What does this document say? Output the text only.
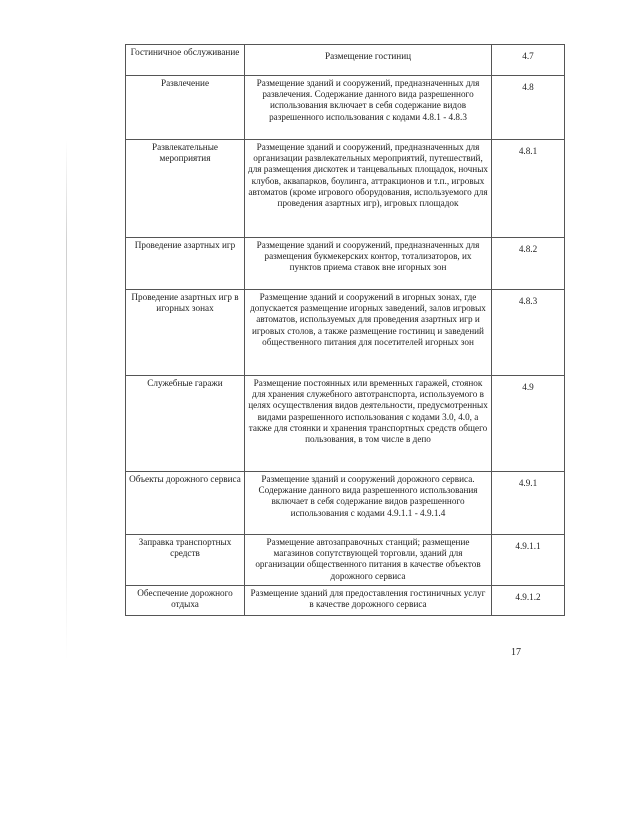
Гостиничное обслуживание	Размещение гостиниц	4.7
Развлечение	Размещение зданий и сооружений, предназначенных для развлечения. Содержание данного вида разрешенного использования включает в себя содержание видов разрешенного использования с кодами 4.8.1 - 4.8.3	4.8
Развлекательные мероприятия	Размещение зданий и сооружений, предназначенных для организации развлекательных мероприятий, путешествий, для размещения дискотек и танцевальных площадок, ночных клубов, аквапарков, боулинга, аттракционов и т.п., игровых автоматов (кроме игрового оборудования, используемого для проведения азартных игр), игровых площадок	4.8.1
Проведение азартных игр	Размещение зданий и сооружений, предназначенных для размещения букмекерских контор, тотализаторов, их пунктов приема ставок вне игорных зон	4.8.2
Проведение азартных игр в игорных зонах	Размещение зданий и сооружений в игорных зонах, где допускается размещение игорных заведений, залов игровых автоматов, используемых для проведения азартных игр и игровых столов, а также размещение гостиниц и заведений общественного питания для посетителей игорных зон	4.8.3
Служебные гаражи	Размещение постоянных или временных гаражей, стоянок для хранения служебного автотранспорта, используемого в целях осуществления видов деятельности, предусмотренных видами разрешенного использования с кодами 3.0, 4.0, а также для стоянки и хранения транспортных средств общего пользования, в том числе в депо	4.9
Объекты дорожного сервиса	Размещение зданий и сооружений дорожного сервиса. Содержание данного вида разрешенного использования включает в себя содержание видов разрешенного использования с кодами 4.9.1.1 - 4.9.1.4	4.9.1
Заправка транспортных средств	Размещение автозаправочных станций; размещение магазинов сопутствующей торговли, зданий для организации общественного питания в качестве объектов дорожного сервиса	4.9.1.1
Обеспечение дорожного отдыха	Размещение зданий для предоставления гостиничных услуг в качестве дорожного сервиса	4.9.1.2
17
